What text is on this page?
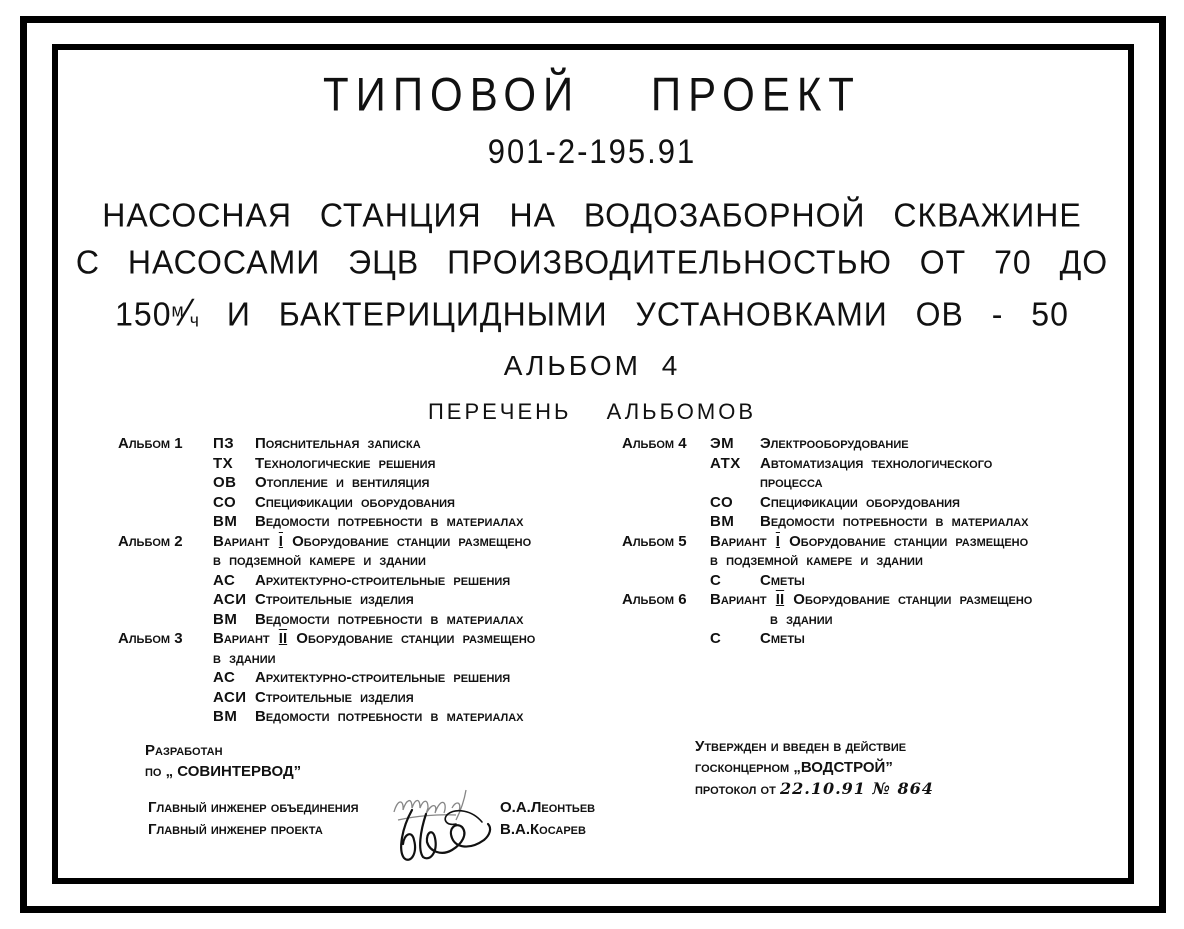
ТИПОВОЙ ПРОЕКТ
901-2-195.91
НАСОСНАЯ СТАНЦИЯ НА ВОДОЗАБОРНОЙ СКВАЖИНЕ
С НАСОСАМИ ЭЦВ ПРОИЗВОДИТЕЛЬНОСТЬЮ ОТ 70 ДО
$150^м⁄ч$ И БАКТЕРИЦИДНЫМИ УСТАНОВКАМИ ОВ - 50
АЛЬБОМ 4
ПЕРЕЧЕНЬ АЛЬБОМОВ
Альбом 1	ПЗ	Пояснительная записка
ТХ	Технологические решения
ОВ	Отопление и вентиляция
СО	Спецификации оборудования
ВМ	Ведомости потребности в материалах
Альбом 2	Вариант I Оборудование станции размещено
в подземной камере и здании
АС	Архитектурно-строительные решения
АСИ Строительные изделия
ВМ	Ведомости потребности в материалах
Альбом 3	Вариант II Оборудование станции размещено
в здании
АС	Архитектурно-строительные решения
АСИ Строительные изделия
ВМ	Ведомости потребности в материалах
Альбом 4	ЭМ	Электрооборудование
АТХ	Автоматизация технологического
процесса
СО	Спецификации оборудования
ВМ	Ведомости потребности в материалах
Альбом 5	Вариант I Оборудование станции размещено
в подземной камере и здании
С	Сметы
Альбом 6	Вариант II Оборудование станции размещено
в здании
С	Сметы
Разработан
по „ СОВИНТЕРВОД”
Главный инженер объединения
Главный инженер проекта
О.А.Леонтьев
В.А.Косарев
Утвержден и введен в действие
госконцерном „ВОДСТРОЙ”
протокол от 22.10.91 № 864
